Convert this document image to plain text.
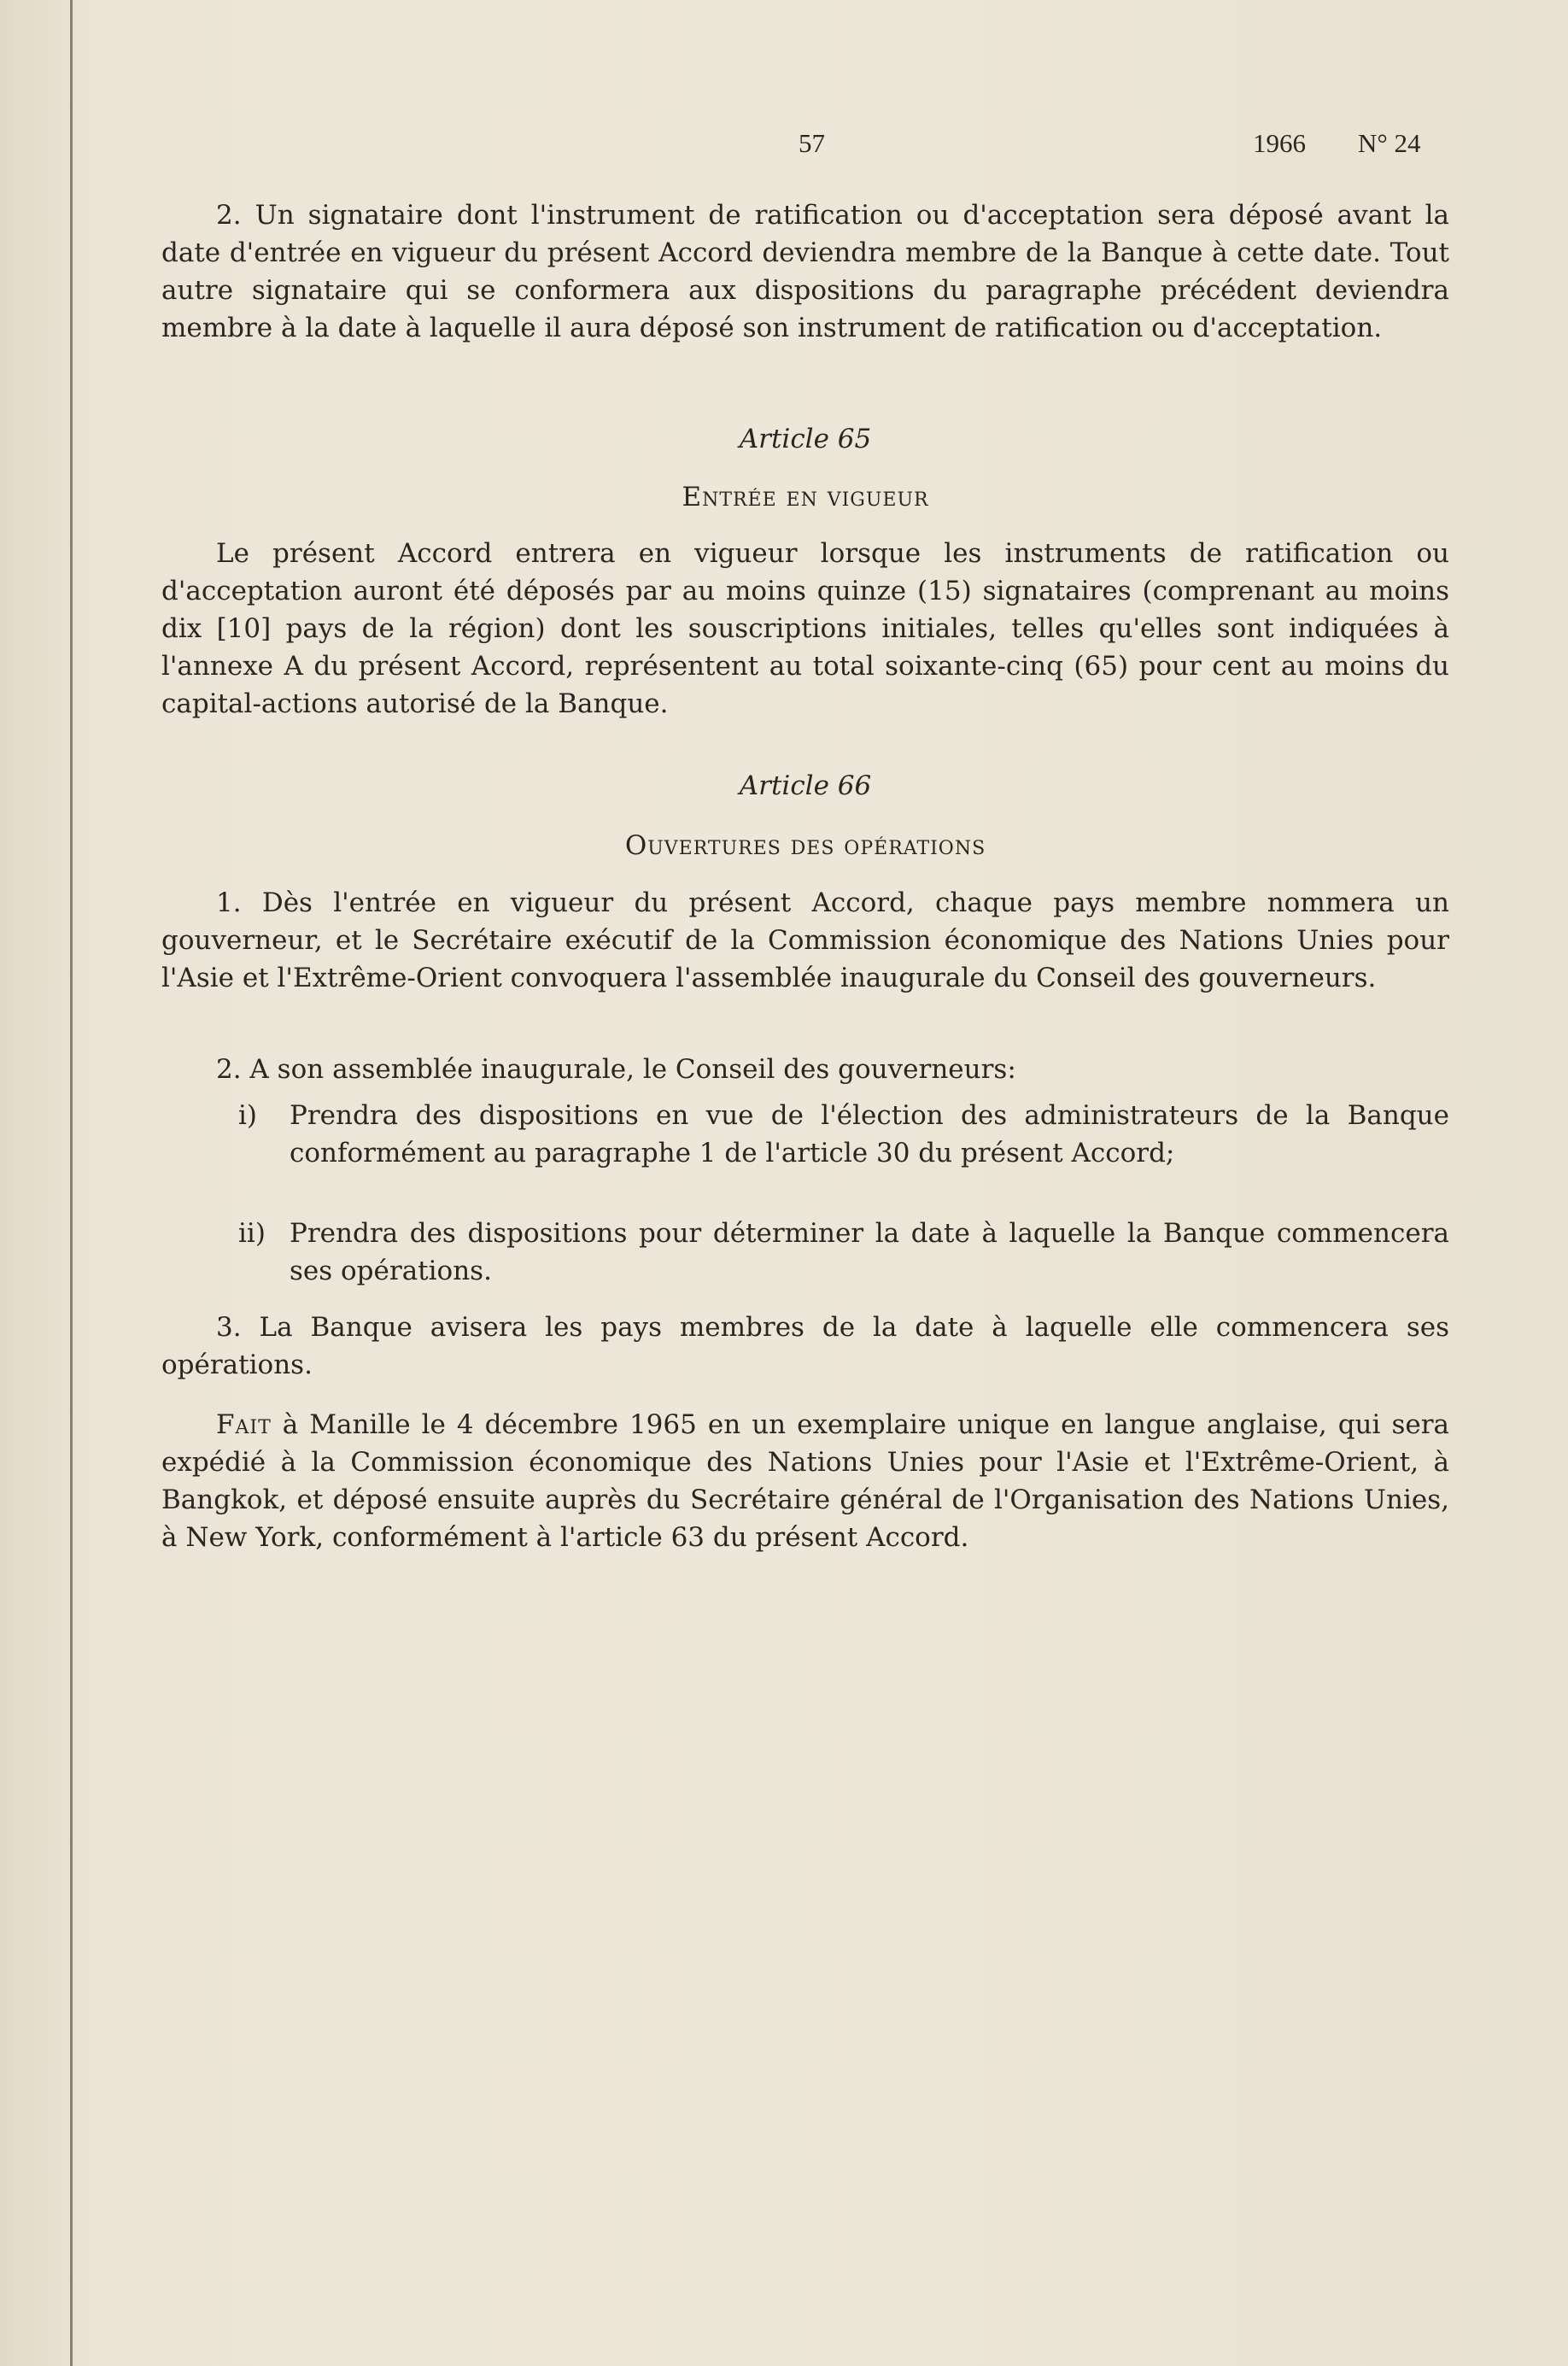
57	1966 N° 24
2. Un signataire dont l'instrument de ratification ou d'acceptation sera déposé avant la date d'entrée en vigueur du présent Accord deviendra membre de la Banque à cette date. Tout autre signataire qui se conformera aux dispositions du paragraphe précédent deviendra membre à la date à laquelle il aura déposé son instrument de ratification ou d'acceptation.
Article 65
Entrée en vigueur
Le présent Accord entrera en vigueur lorsque les instruments de ratification ou d'acceptation auront été déposés par au moins quinze (15) signataires (comprenant au moins dix [10] pays de la région) dont les souscriptions initiales, telles qu'elles sont indiquées à l'annexe A du présent Accord, représentent au total soixante-cinq (65) pour cent au moins du capital-actions autorisé de la Banque.
Article 66
Ouvertures des opérations
1. Dès l'entrée en vigueur du présent Accord, chaque pays membre nommera un gouverneur, et le Secrétaire exécutif de la Commission économique des Nations Unies pour l'Asie et l'Extrême-Orient convoquera l'assemblée inaugurale du Conseil des gouverneurs.
2. A son assemblée inaugurale, le Conseil des gouverneurs:
i) Prendra des dispositions en vue de l'élection des administrateurs de la Banque conformément au paragraphe 1 de l'article 30 du présent Accord;
ii) Prendra des dispositions pour déterminer la date à laquelle la Banque commencera ses opérations.
3. La Banque avisera les pays membres de la date à laquelle elle commencera ses opérations.
Fait à Manille le 4 décembre 1965 en un exemplaire unique en langue anglaise, qui sera expédié à la Commission économique des Nations Unies pour l'Asie et l'Extrême-Orient, à Bangkok, et déposé ensuite auprès du Secrétaire général de l'Organisation des Nations Unies, à New York, conformément à l'article 63 du présent Accord.
